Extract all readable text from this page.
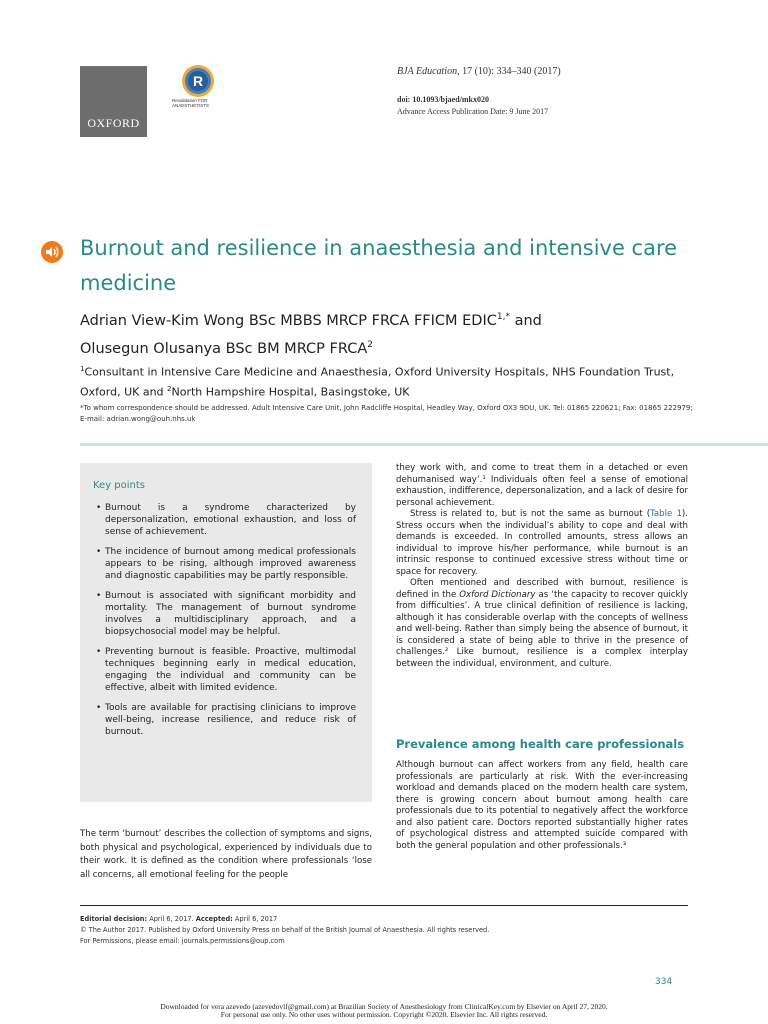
OXFORD
R
Revalidation FOR ANAESTHETISTS
BJA Education, 17 (10): 334–340 (2017)
doi: 10.1093/bjaed/mkx020
Advance Access Publication Date: 9 June 2017
Burnout and resilience in anaesthesia and intensive care medicine
Adrian View-Kim Wong BSc MBBS MRCP FRCA FFICM $EDIC^{1,*}$ and
Olusegun Olusanya BSc BM MRCP FRCA$^2$
$^1$Consultant in Intensive Care Medicine and Anaesthesia, Oxford University Hospitals, NHS Foundation Trust, Oxford, UK and $^2$North Hampshire Hospital, Basingstoke, UK
*To whom correspondence should be addressed. Adult Intensive Care Unit, John Radcliffe Hospital, Headley Way, Oxford OX3 9DU, UK. Tel: 01865 220621; Fax: 01865 222979; E-mail: adrian.wong@ouh.nhs.uk
Key points
• Burnout is a syndrome characterized by depersonalization, emotional exhaustion, and loss of sense of achievement.
• The incidence of burnout among medical professionals appears to be rising, although improved awareness and diagnostic capabilities may be partly responsible.
• Burnout is associated with significant morbidity and mortality. The management of burnout syndrome involves a multidisciplinary approach, and a biopsychosocial model may be helpful.
• Preventing burnout is feasible. Proactive, multimodal techniques beginning early in medical education, engaging the individual and community can be effective, albeit with limited evidence.
• Tools are available for practising clinicians to improve well-being, increase resilience, and reduce risk of burnout.
The term ‘burnout’ describes the collection of symptoms and signs, both physical and psychological, experienced by individuals due to their work. It is defined as the condition where professionals ‘lose all concerns, all emotional feeling for the people

they work with, and come to treat them in a detached or even dehumanised way’.¹ Individuals often feel a sense of emotional exhaustion, indifference, depersonalization, and a lack of desire for personal achievement.

Stress is related to, but is not the same as burnout (Table 1). Stress occurs when the individual’s ability to cope and deal with demands is exceeded. In controlled amounts, stress allows an individual to improve his/her performance, while burnout is an intrinsic response to continued excessive stress without time or space for recovery.

Often mentioned and described with burnout, resilience is defined in the Oxford Dictionary as ‘the capacity to recover quickly from difficulties’. A true clinical definition of resilience is lacking, although it has considerable overlap with the concepts of wellness and well-being. Rather than simply being the absence of burnout, it is considered a state of being able to thrive in the presence of challenges.² Like burnout, resilience is a complex interplay between the individual, environment, and culture.

Prevalence among health care professionals

Although burnout can affect workers from any field, health care professionals are particularly at risk. With the ever-increasing workload and demands placed on the modern health care system, there is growing concern about burnout among health care professionals due to its potential to negatively affect the workforce and also patient care. Doctors reported substantially higher rates of psychological distress and attempted suicide compared with both the general population and other professionals.³

Editorial decision: April 6, 2017. Accepted: April 6, 2017
© The Author 2017. Published by Oxford University Press on behalf of the British Journal of Anaesthesia. All rights reserved.
For Permissions, please email: journals.permissions@oup.com
334
Downloaded for vera azevedo (azevedovlf@gmail.com) at Brazilian Society of Anesthesiology from ClinicalKey.com by Elsevier on April 27, 2020.
For personal use only. No other uses without permission. Copyright ©2020. Elsevier Inc. All rights reserved.
